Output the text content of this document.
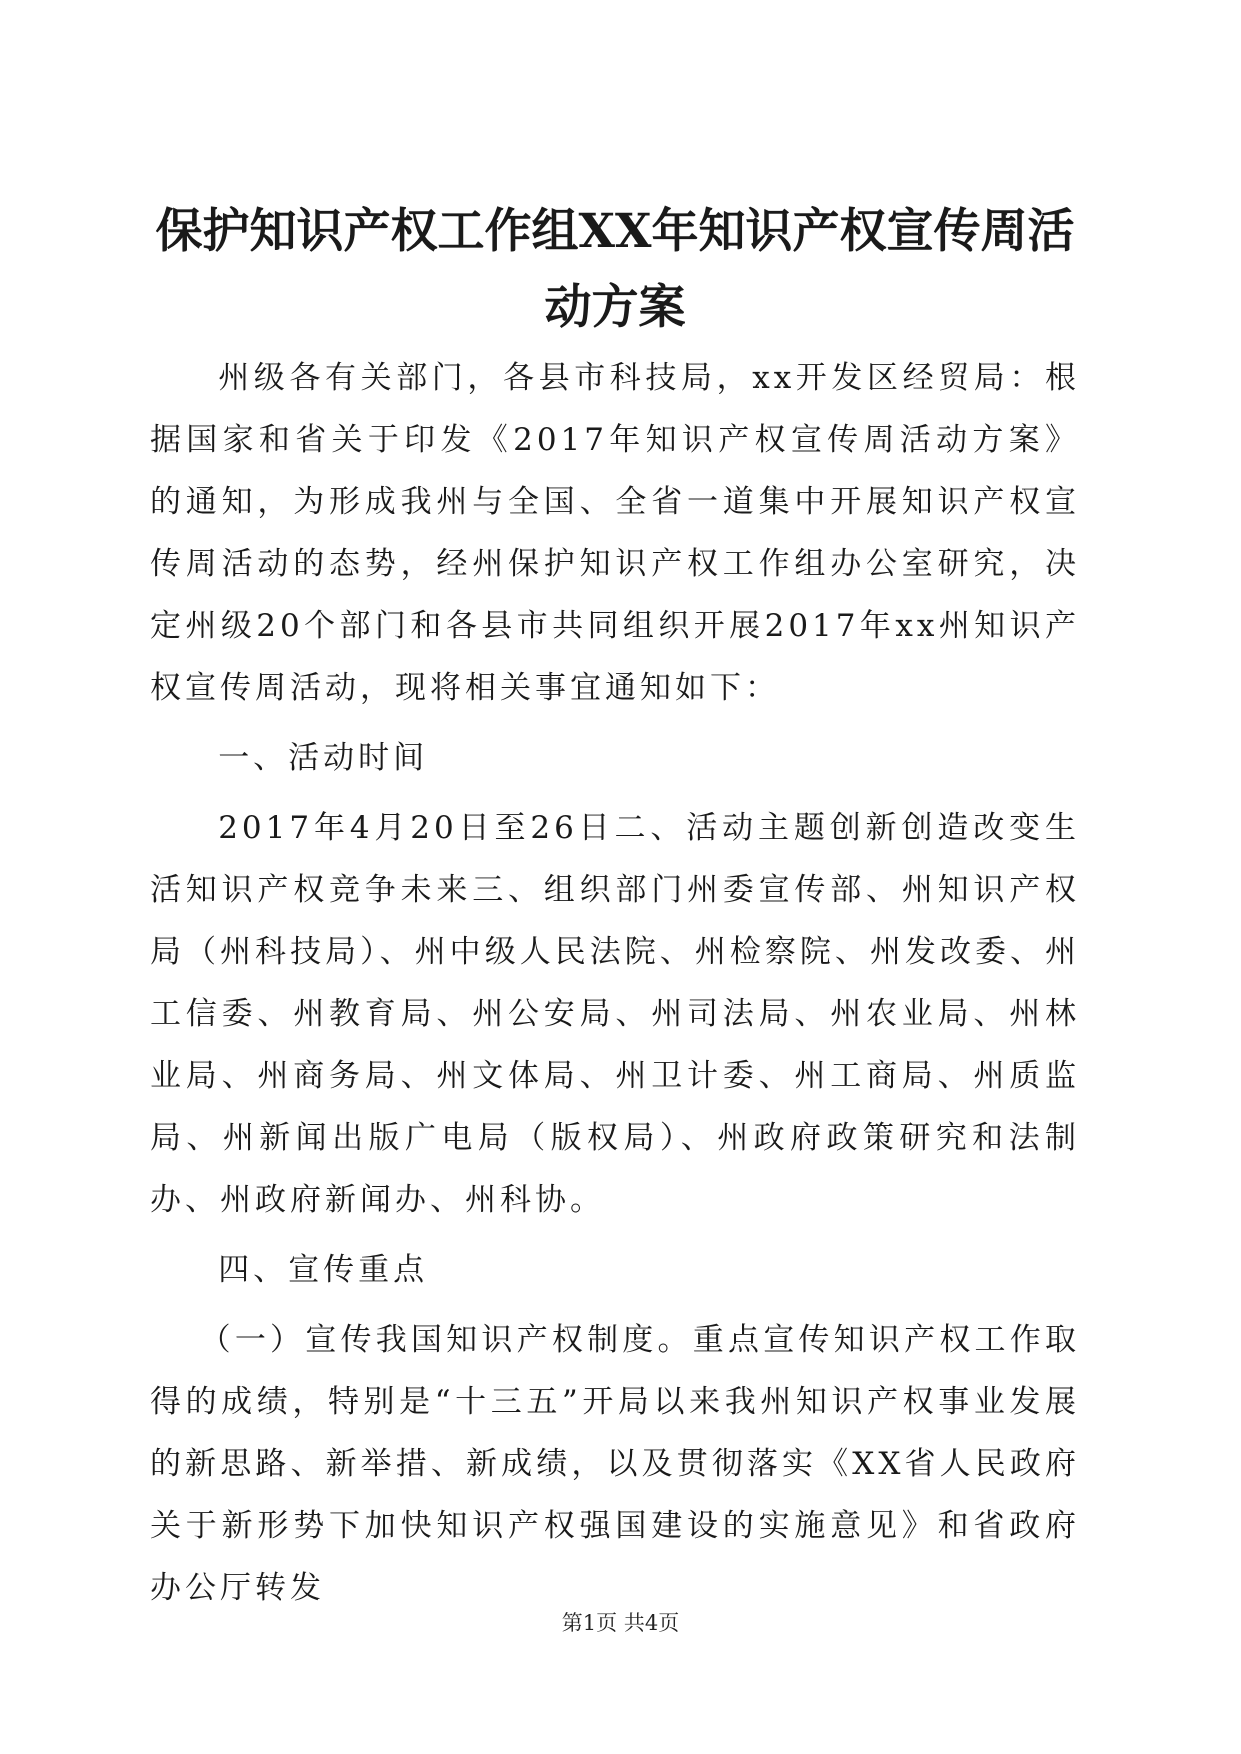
保护知识产权工作组XX年知识产权宣传周活动方案

州级各有关部门，各县市科技局，xx开发区经贸局：根据国家和省关于印发《2017年知识产权宣传周活动方案》的通知，为形成我州与全国、全省一道集中开展知识产权宣传周活动的态势，经州保护知识产权工作组办公室研究，决定州级20个部门和各县市共同组织开展2017年xx州知识产权宣传周活动，现将相关事宜通知如下：

一、活动时间

2017年4月20日至26日二、活动主题创新创造改变生活知识产权竞争未来三、组织部门州委宣传部、州知识产权局（州科技局）、州中级人民法院、州检察院、州发改委、州工信委、州教育局、州公安局、州司法局、州农业局、州林业局、州商务局、州文体局、州卫计委、州工商局、州质监局、州新闻出版广电局（版权局）、州政府政策研究和法制办、州政府新闻办、州科协。

四、宣传重点

（一）宣传我国知识产权制度。重点宣传知识产权工作取得的成绩，特别是“十三五”开局以来我州知识产权事业发展的新思路、新举措、新成绩，以及贯彻落实《XX省人民政府关于新形势下加快知识产权强国建设的实施意见》和省政府办公厅转发

第1页 共4页
